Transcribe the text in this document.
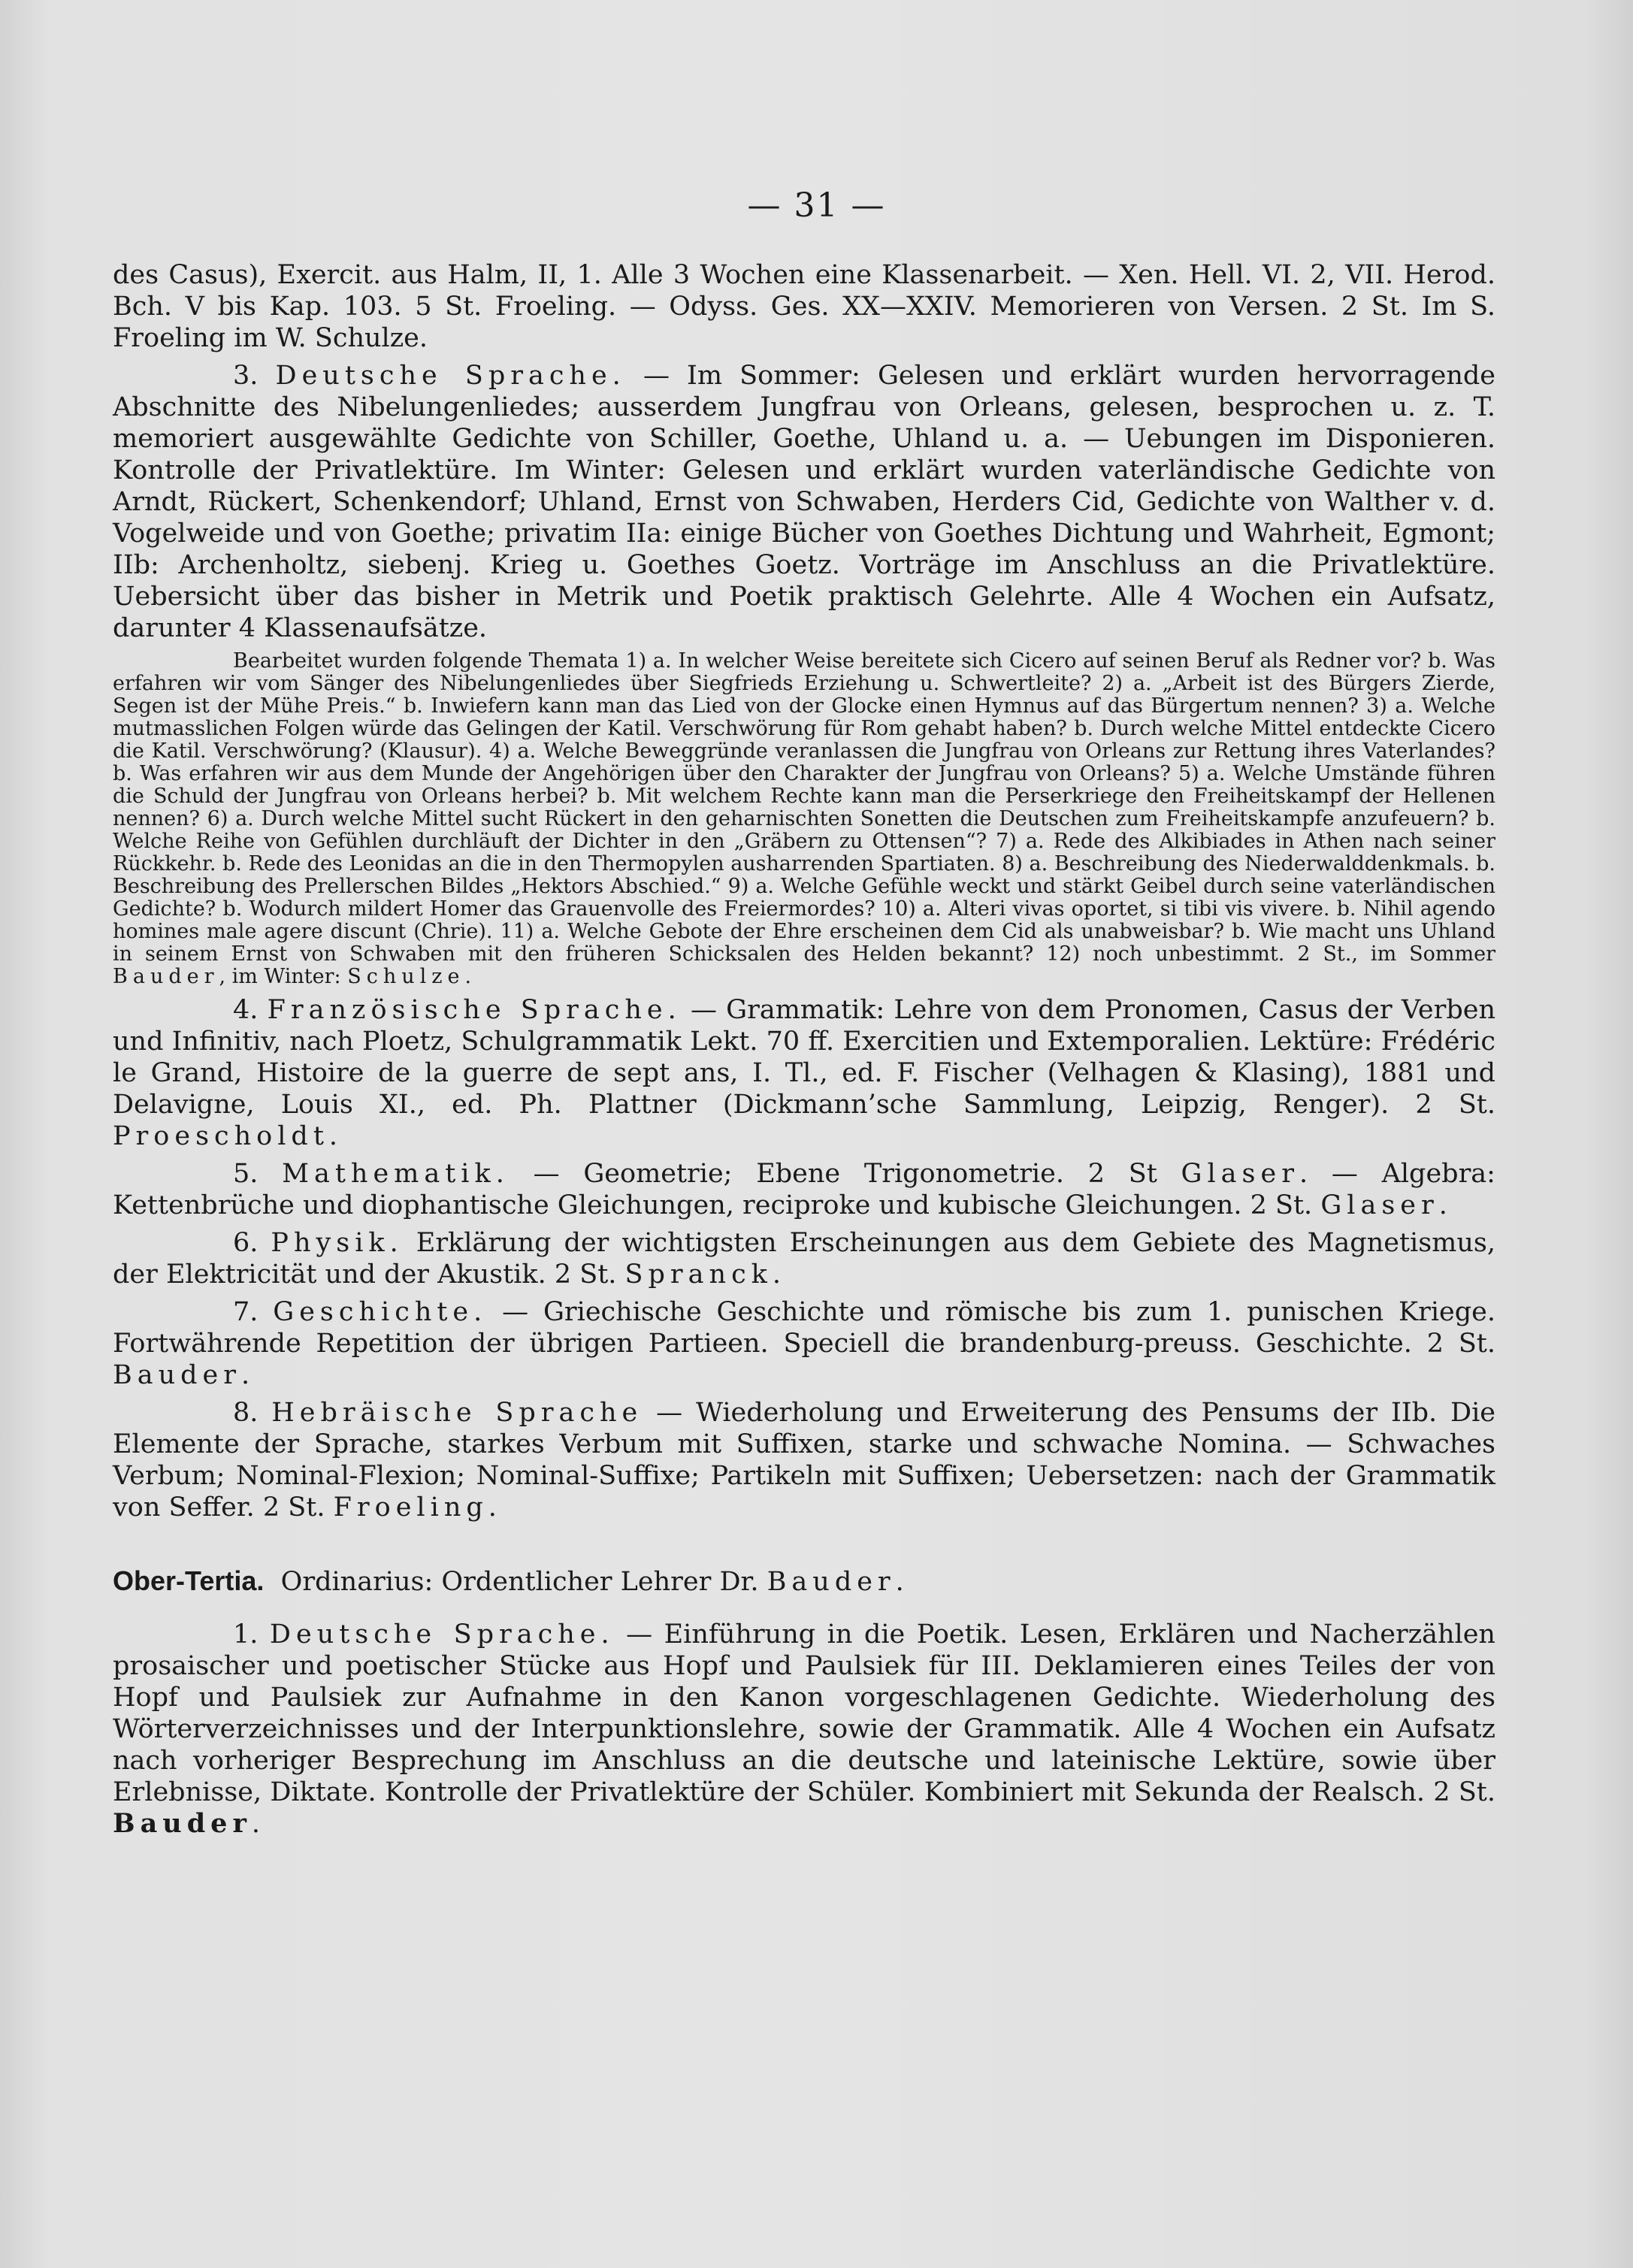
— 31 —

des Casus), Exercit. aus Halm, II, 1. Alle 3 Wochen eine Klassenarbeit. — Xen. Hell. VI. 2, VII. Herod. Bch. V bis Kap. 103. 5 St. Froeling. — Odyss. Ges. XX—XXIV. Memorieren von Versen. 2 St. Im S. Froeling im W. Schulze.

3. Deutsche Sprache. — Im Sommer: Gelesen und erklärt wurden hervorragende Abschnitte des Nibelungenliedes; ausserdem Jungfrau von Orleans, gelesen, besprochen u. z. T. memoriert ausgewählte Gedichte von Schiller, Goethe, Uhland u. a. — Uebungen im Disponieren. Kontrolle der Privatlektüre. Im Winter: Gelesen und erklärt wurden vaterländische Gedichte von Arndt, Rückert, Schenkendorf; Uhland, Ernst von Schwaben, Herders Cid, Gedichte von Walther v. d. Vogelweide und von Goethe; privatim IIa: einige Bücher von Goethes Dichtung und Wahrheit, Egmont; IIb: Archenholtz, siebenj. Krieg u. Goethes Goetz. Vorträge im Anschluss an die Privatlektüre. Uebersicht über das bisher in Metrik und Poetik praktisch Gelehrte. Alle 4 Wochen ein Aufsatz, darunter 4 Klassenaufsätze.

Bearbeitet wurden folgende Themata 1) a. In welcher Weise bereitete sich Cicero auf seinen Beruf als Redner vor? b. Was erfahren wir vom Sänger des Nibelungenliedes über Siegfrieds Erziehung u. Schwertleite? 2) a. „Arbeit ist des Bürgers Zierde, Segen ist der Mühe Preis.“ b. Inwiefern kann man das Lied von der Glocke einen Hymnus auf das Bürgertum nennen? 3) a. Welche mutmasslichen Folgen würde das Gelingen der Katil. Verschwörung für Rom gehabt haben? b. Durch welche Mittel entdeckte Cicero die Katil. Verschwörung? (Klausur). 4) a. Welche Beweggründe veranlassen die Jungfrau von Orleans zur Rettung ihres Vaterlandes? b. Was erfahren wir aus dem Munde der Angehörigen über den Charakter der Jungfrau von Orleans? 5) a. Welche Umstände führen die Schuld der Jungfrau von Orleans herbei? b. Mit welchem Rechte kann man die Perserkriege den Freiheitskampf der Hellenen nennen? 6) a. Durch welche Mittel sucht Rückert in den geharnischten Sonetten die Deutschen zum Freiheitskampfe anzufeuern? b. Welche Reihe von Gefühlen durchläuft der Dichter in den „Gräbern zu Ottensen“? 7) a. Rede des Alkibiades in Athen nach seiner Rückkehr. b. Rede des Leonidas an die in den Thermopylen ausharrenden Spartiaten. 8) a. Beschreibung des Niederwalddenkmals. b. Beschreibung des Prellerschen Bildes „Hektors Abschied.“ 9) a. Welche Gefühle weckt und stärkt Geibel durch seine vaterländischen Gedichte? b. Wodurch mildert Homer das Grauenvolle des Freiermordes? 10) a. Alteri vivas oportet, si tibi vis vivere. b. Nihil agendo homines male agere discunt (Chrie). 11) a. Welche Gebote der Ehre erscheinen dem Cid als unabweisbar? b. Wie macht uns Uhland in seinem Ernst von Schwaben mit den früheren Schicksalen des Helden bekannt? 12) noch unbestimmt. 2 St., im Sommer Bauder, im Winter: Schulze.

4. Französische Sprache. — Grammatik: Lehre von dem Pronomen, Casus der Verben und Infinitiv, nach Ploetz, Schulgrammatik Lekt. 70 ff. Exercitien und Extemporalien. Lektüre: Frédéric le Grand, Histoire de la guerre de sept ans, I. Tl., ed. F. Fischer (Velhagen & Klasing), 1881 und Delavigne, Louis XI., ed. Ph. Plattner (Dickmann’sche Sammlung, Leipzig, Renger). 2 St. Proescholdt.

5. Mathematik. — Geometrie; Ebene Trigonometrie. 2 St Glaser. — Algebra: Kettenbrüche und diophantische Gleichungen, reciproke und kubische Gleichungen. 2 St. Glaser.

6. Physik. Erklärung der wichtigsten Erscheinungen aus dem Gebiete des Magnetismus, der Elektricität und der Akustik. 2 St. Spranck.

7. Geschichte. — Griechische Geschichte und römische bis zum 1. punischen Kriege. Fortwährende Repetition der übrigen Partieen. Speciell die brandenburg-preuss. Geschichte. 2 St. Bauder.

8. Hebräische Sprache — Wiederholung und Erweiterung des Pensums der IIb. Die Elemente der Sprache, starkes Verbum mit Suffixen, starke und schwache Nomina. — Schwaches Verbum; Nominal-Flexion; Nominal-Suffixe; Partikeln mit Suffixen; Uebersetzen: nach der Grammatik von Seffer. 2 St. Froeling.

Ober-Tertia. Ordinarius: Ordentlicher Lehrer Dr. Bauder.

1. Deutsche Sprache. — Einführung in die Poetik. Lesen, Erklären und Nacherzählen prosaischer und poetischer Stücke aus Hopf und Paulsiek für III. Deklamieren eines Teiles der von Hopf und Paulsiek zur Aufnahme in den Kanon vorgeschlagenen Gedichte. Wiederholung des Wörterverzeichnisses und der Interpunktionslehre, sowie der Grammatik. Alle 4 Wochen ein Aufsatz nach vorheriger Besprechung im Anschluss an die deutsche und lateinische Lektüre, sowie über Erlebnisse, Diktate. Kontrolle der Privatlektüre der Schüler. Kombiniert mit Sekunda der Realsch. 2 St. Bauder.
